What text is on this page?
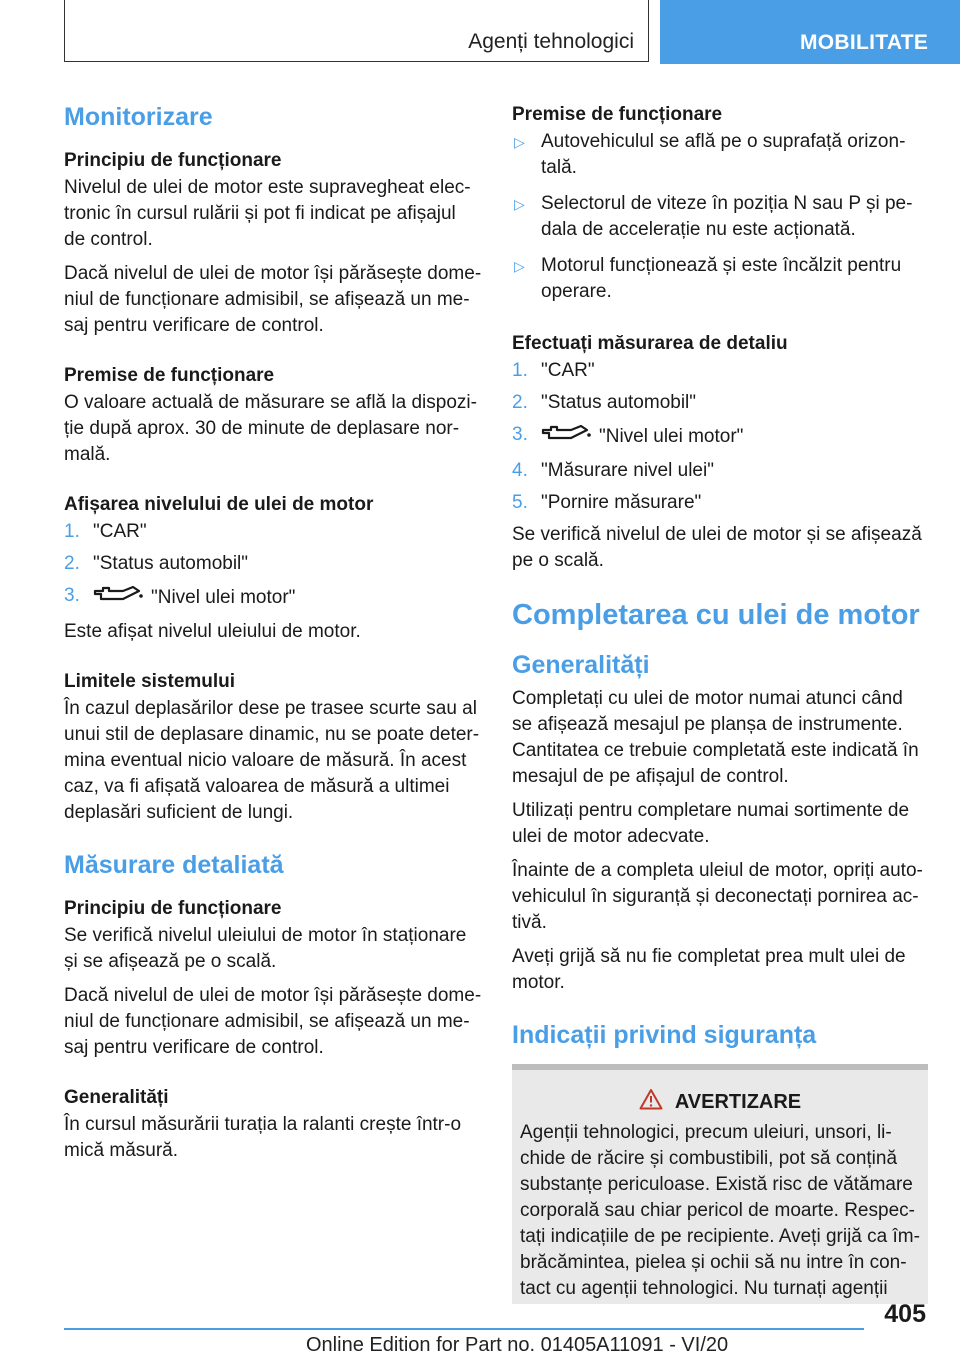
Agenți tehnologici	MOBILITATE
Monitorizare
Principiu de funcționare

Nivelul de ulei de motor este supravegheat electronic în cursul rulării și pot fi indicat pe afișajul de control.

Dacă nivelul de ulei de motor își părăsește domeniul de funcționare admisibil, se afișează un mesaj pentru verificare de control.

Premise de funcționare

O valoare actuală de măsurare se află la dispoziție după aprox. 30 de minute de deplasare normală.

Afișarea nivelului de ulei de motor
1. "CAR"
2. "Status automobil"
3.	"Nivel ulei motor"

Este afișat nivelul uleiului de motor.

Limitele sistemului

În cazul deplasărilor dese pe trasee scurte sau al unui stil de deplasare dinamic, nu se poate determina eventual nicio valoare de măsură. În acest caz, va fi afișată valoarea de măsură a ultimei deplasări suficient de lungi.

Măsurare detaliată
Principiu de funcționare

Se verifică nivelul uleiului de motor în staționare și se afișează pe o scală.

Dacă nivelul de ulei de motor își părăsește domeniul de funcționare admisibil, se afișează un mesaj pentru verificare de control.

Generalități

În cursul măsurării turația la ralanti crește într-o mică măsură.

Premise de funcționare
▷ Autovehiculul se află pe o suprafață orizontală.
▷ Selectorul de viteze în poziția N sau P și pedala de accelerație nu este acționată.
▷ Motorul funcționează și este încălzit pentru operare.
Efectuați măsurarea de detaliu
1. "CAR"
2. "Status automobil"
3.	"Nivel ulei motor"
4. "Măsurare nivel ulei"
5. "Pornire măsurare"

Se verifică nivelul de ulei de motor și se afișează pe o scală.

Completarea cu ulei de motor
Generalități

Completați cu ulei de motor numai atunci când se afișează mesajul pe planșa de instrumente. Cantitatea ce trebuie completată este indicată în mesajul de pe afișajul de control.

Utilizați pentru completare numai sortimente de ulei de motor adecvate.

Înainte de a completa uleiul de motor, opriți autovehiculul în siguranță și deconectați pornirea activă.

Aveți grijă să nu fie completat prea mult ulei de motor.

Indicații privind siguranța
AVERTIZARE

Agenții tehnologici, precum uleiuri, unsori, lichide de răcire și combustibili, pot să conțină substanțe periculoase. Există risc de vătămare corporală sau chiar pericol de moarte. Respectați indicațiile de pe recipiente. Aveți grijă ca îmbrăcămintea, pielea și ochii să nu intre în contact cu agenții tehnologici. Nu turnați agenții

405
Online Edition for Part no. 01405A11091 - VI/20
